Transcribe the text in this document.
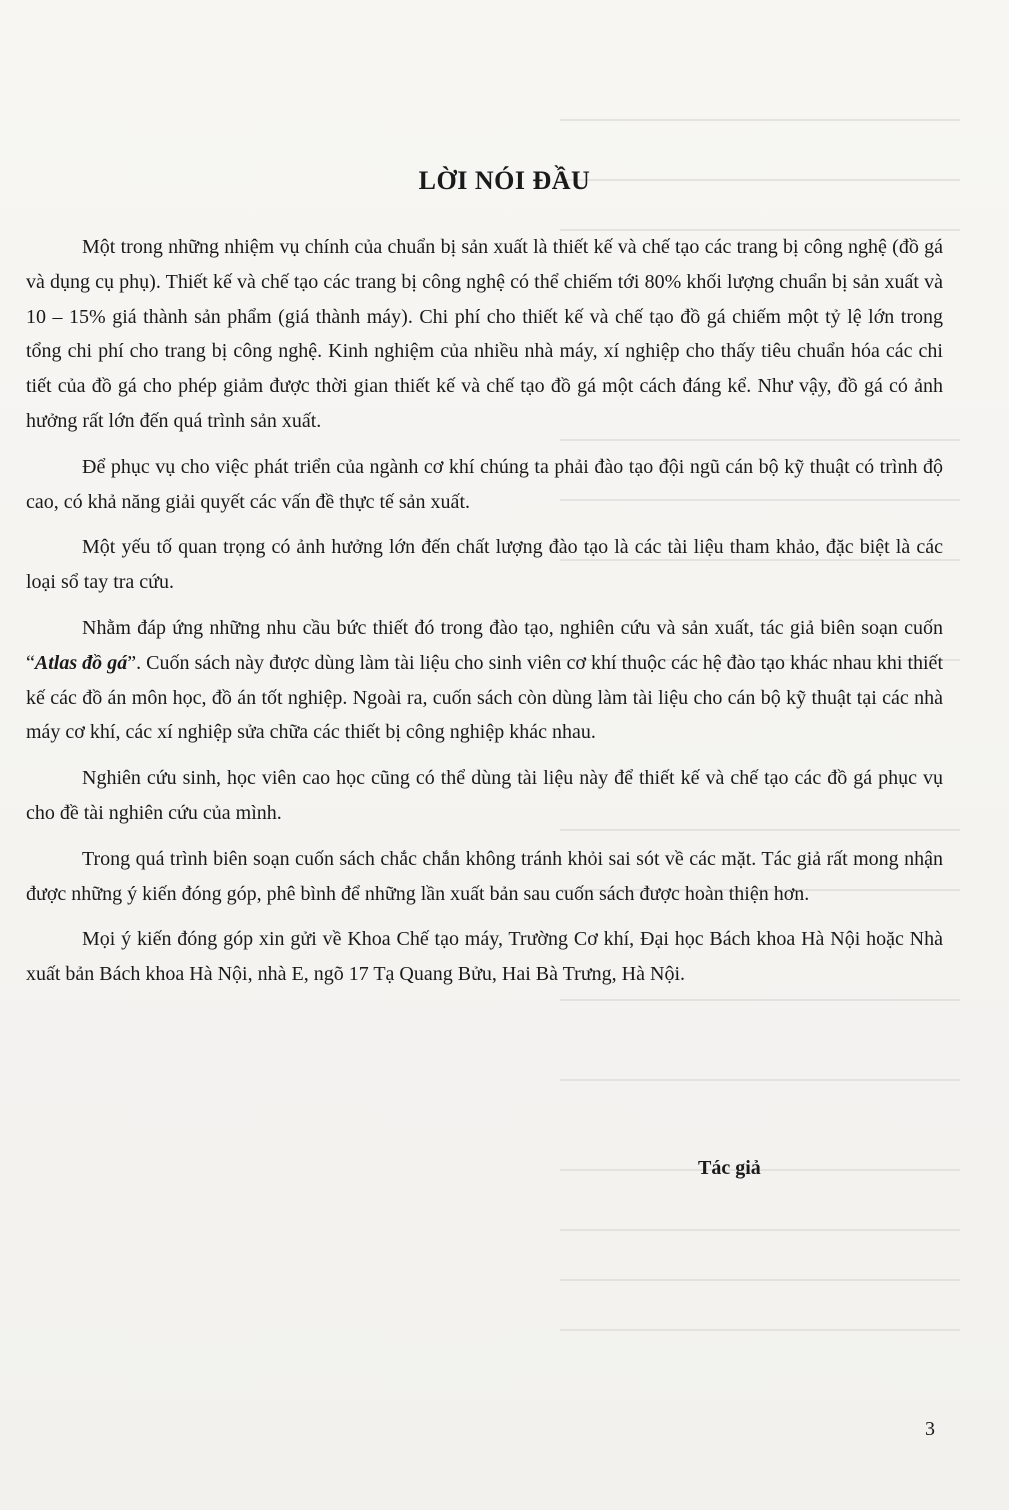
LỜI NÓI ĐẦU

Một trong những nhiệm vụ chính của chuẩn bị sản xuất là thiết kế và chế tạo các trang bị công nghệ (đồ gá và dụng cụ phụ). Thiết kế và chế tạo các trang bị công nghệ có thể chiếm tới 80% khối lượng chuẩn bị sản xuất và 10 – 15% giá thành sản phẩm (giá thành máy). Chi phí cho thiết kế và chế tạo đồ gá chiếm một tỷ lệ lớn trong tổng chi phí cho trang bị công nghệ. Kinh nghiệm của nhiều nhà máy, xí nghiệp cho thấy tiêu chuẩn hóa các chi tiết của đồ gá cho phép giảm được thời gian thiết kế và chế tạo đồ gá một cách đáng kể. Như vậy, đồ gá có ảnh hưởng rất lớn đến quá trình sản xuất.

Để phục vụ cho việc phát triển của ngành cơ khí chúng ta phải đào tạo đội ngũ cán bộ kỹ thuật có trình độ cao, có khả năng giải quyết các vấn đề thực tế sản xuất.

Một yếu tố quan trọng có ảnh hưởng lớn đến chất lượng đào tạo là các tài liệu tham khảo, đặc biệt là các loại sổ tay tra cứu.

Nhằm đáp ứng những nhu cầu bức thiết đó trong đào tạo, nghiên cứu và sản xuất, tác giả biên soạn cuốn “Atlas đồ gá”. Cuốn sách này được dùng làm tài liệu cho sinh viên cơ khí thuộc các hệ đào tạo khác nhau khi thiết kế các đồ án môn học, đồ án tốt nghiệp. Ngoài ra, cuốn sách còn dùng làm tài liệu cho cán bộ kỹ thuật tại các nhà máy cơ khí, các xí nghiệp sửa chữa các thiết bị công nghiệp khác nhau.

Nghiên cứu sinh, học viên cao học cũng có thể dùng tài liệu này để thiết kế và chế tạo các đồ gá phục vụ cho đề tài nghiên cứu của mình.

Trong quá trình biên soạn cuốn sách chắc chắn không tránh khỏi sai sót về các mặt. Tác giả rất mong nhận được những ý kiến đóng góp, phê bình để những lần xuất bản sau cuốn sách được hoàn thiện hơn.

Mọi ý kiến đóng góp xin gửi về Khoa Chế tạo máy, Trường Cơ khí, Đại học Bách khoa Hà Nội hoặc Nhà xuất bản Bách khoa Hà Nội, nhà E, ngõ 17 Tạ Quang Bửu, Hai Bà Trưng, Hà Nội.

Tác giả
3
